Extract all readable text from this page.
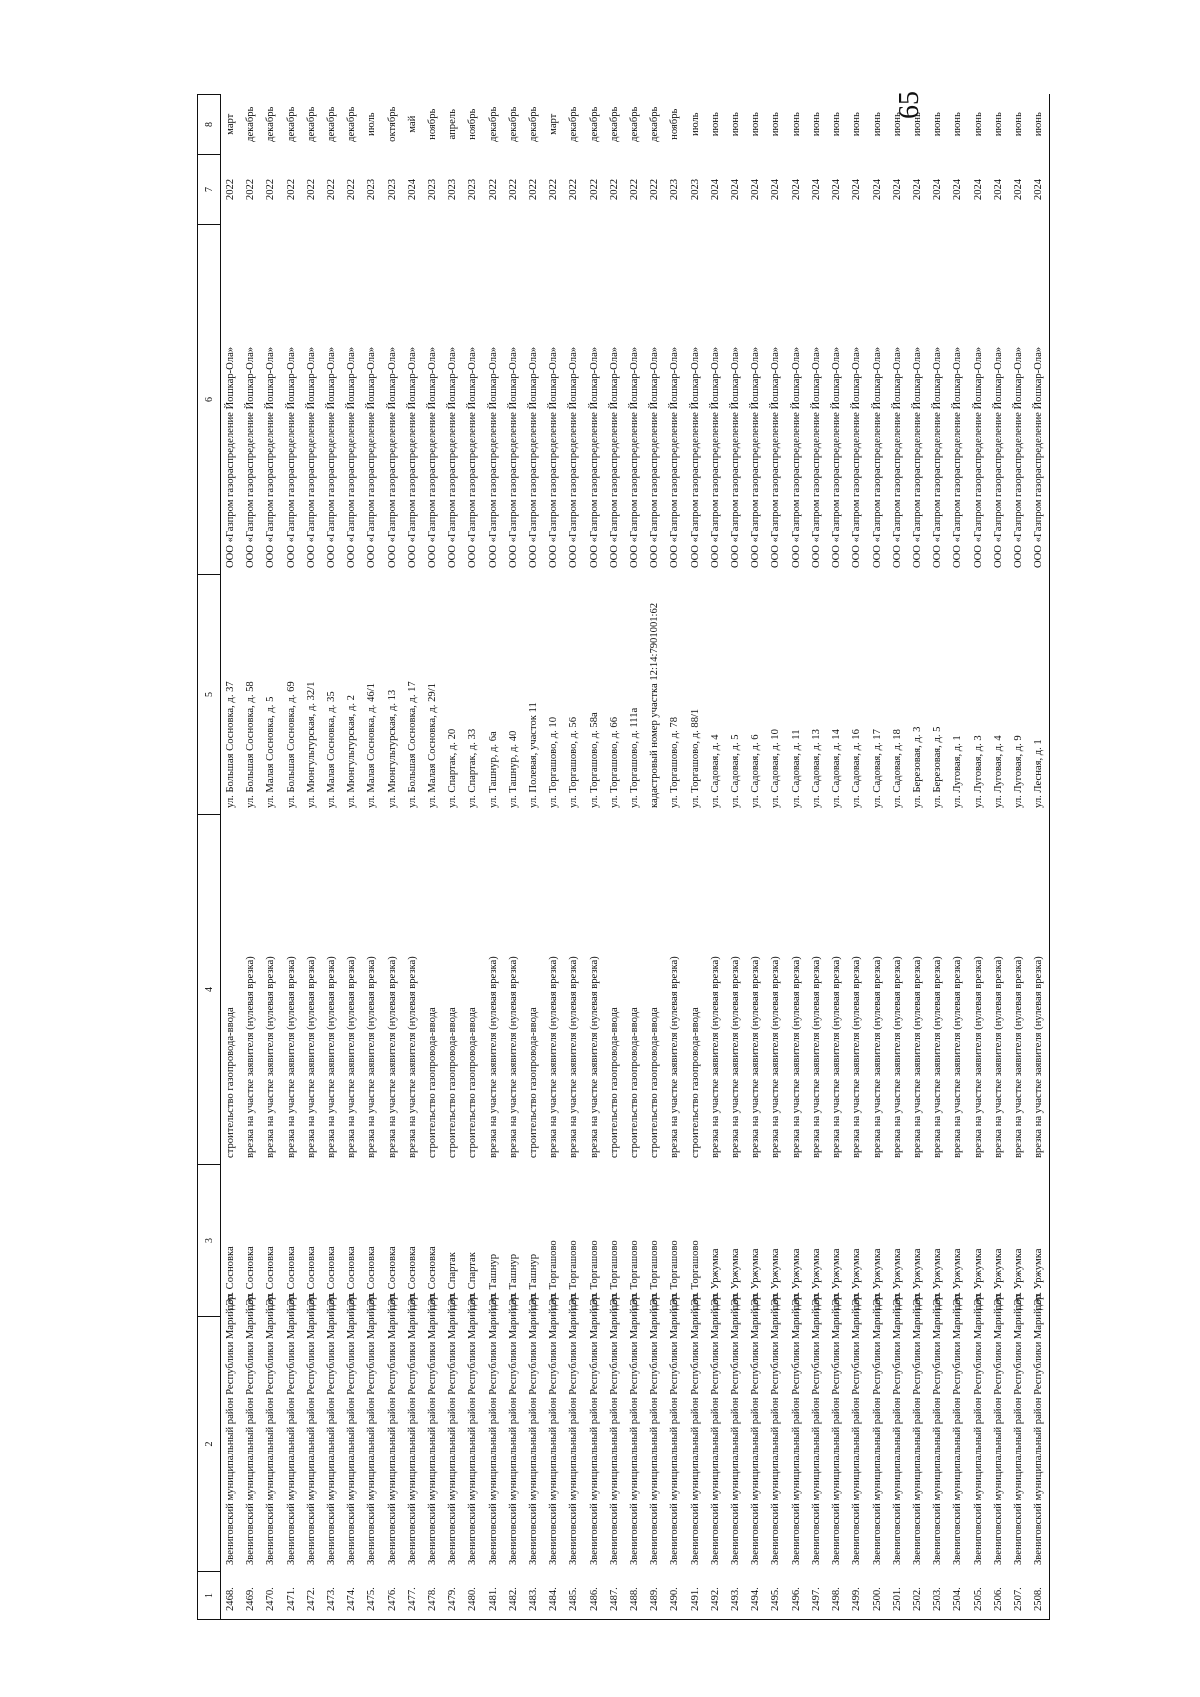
65
1	2	3	4	5	6	7	8
2468.	Звениговский муниципальный район Республики Марий Эл	дер. Сосновка	строительство газопровода-ввода	ул. Большая Сосновка, д. 37	ООО «Газпром газораспределение Йошкар-Ола»	2022	март
2469.	Звениговский муниципальный район Республики Марий Эл	дер. Сосновка	врезка на участке заявителя (нулевая врезка)	ул. Большая Сосновка, д. 58	ООО «Газпром газораспределение Йошкар-Ола»	2022	декабрь
2470.	Звениговский муниципальный район Республики Марий Эл	дер. Сосновка	врезка на участке заявителя (нулевая врезка)	ул. Малая Сосновка, д. 5	ООО «Газпром газораспределение Йошкар-Ола»	2022	декабрь
2471.	Звениговский муниципальный район Республики Марий Эл	дер. Сосновка	врезка на участке заявителя (нулевая врезка)	ул. Большая Сосновка, д. 69	ООО «Газпром газораспределение Йошкар-Ола»	2022	декабрь
2472.	Звениговский муниципальный район Республики Марий Эл	дер. Сосновка	врезка на участке заявителя (нулевая врезка)	ул. Мюнгультурская, д. 32/1	ООО «Газпром газораспределение Йошкар-Ола»	2022	декабрь
2473.	Звениговский муниципальный район Республики Марий Эл	дер. Сосновка	врезка на участке заявителя (нулевая врезка)	ул. Малая Сосновка, д. 35	ООО «Газпром газораспределение Йошкар-Ола»	2022	декабрь
2474.	Звениговский муниципальный район Республики Марий Эл	дер. Сосновка	врезка на участке заявителя (нулевая врезка)	ул. Мюнгультурская, д. 2	ООО «Газпром газораспределение Йошкар-Ола»	2022	декабрь
2475.	Звениговский муниципальный район Республики Марий Эл	дер. Сосновка	врезка на участке заявителя (нулевая врезка)	ул. Малая Сосновка, д. 46/1	ООО «Газпром газораспределение Йошкар-Ола»	2023	июль
2476.	Звениговский муниципальный район Республики Марий Эл	дер. Сосновка	врезка на участке заявителя (нулевая врезка)	ул. Мюнгультурская, д. 13	ООО «Газпром газораспределение Йошкар-Ола»	2023	октябрь
2477.	Звениговский муниципальный район Республики Марий Эл	дер. Сосновка	врезка на участке заявителя (нулевая врезка)	ул. Большая Сосновка, д. 17	ООО «Газпром газораспределение Йошкар-Ола»	2024	май
2478.	Звениговский муниципальный район Республики Марий Эл	дер. Сосновка	строительство газопровода-ввода	ул. Малая Сосновка, д. 29/1	ООО «Газпром газораспределение Йошкар-Ола»	2023	ноябрь
2479.	Звениговский муниципальный район Республики Марий Эл	дер. Спартак	строительство газопровода-ввода	ул. Спартак, д. 20	ООО «Газпром газораспределение Йошкар-Ола»	2023	апрель
2480.	Звениговский муниципальный район Республики Марий Эл	дер. Спартак	строительство газопровода-ввода	ул. Спартак, д. 33	ООО «Газпром газораспределение Йошкар-Ола»	2023	ноябрь
2481.	Звениговский муниципальный район Республики Марий Эл	дер. Ташнур	врезка на участке заявителя (нулевая врезка)	ул. Ташнур, д. 6а	ООО «Газпром газораспределение Йошкар-Ола»	2022	декабрь
2482.	Звениговский муниципальный район Республики Марий Эл	дер. Ташнур	врезка на участке заявителя (нулевая врезка)	ул. Ташнур, д. 40	ООО «Газпром газораспределение Йошкар-Ола»	2022	декабрь
2483.	Звениговский муниципальный район Республики Марий Эл	дер. Ташнур	строительство газопровода-ввода	ул. Полевая, участок 11	ООО «Газпром газораспределение Йошкар-Ола»	2022	декабрь
2484.	Звениговский муниципальный район Республики Марий Эл	дер. Торгашово	врезка на участке заявителя (нулевая врезка)	ул. Торгашово, д. 10	ООО «Газпром газораспределение Йошкар-Ола»	2022	март
2485.	Звениговский муниципальный район Республики Марий Эл	дер. Торгашово	врезка на участке заявителя (нулевая врезка)	ул. Торгашово, д. 56	ООО «Газпром газораспределение Йошкар-Ола»	2022	декабрь
2486.	Звениговский муниципальный район Республики Марий Эл	дер. Торгашово	врезка на участке заявителя (нулевая врезка)	ул. Торгашово, д. 58а	ООО «Газпром газораспределение Йошкар-Ола»	2022	декабрь
2487.	Звениговский муниципальный район Республики Марий Эл	дер. Торгашово	строительство газопровода-ввода	ул. Торгашово, д. 66	ООО «Газпром газораспределение Йошкар-Ола»	2022	декабрь
2488.	Звениговский муниципальный район Республики Марий Эл	дер. Торгашово	строительство газопровода-ввода	ул. Торгашово, д. 111а	ООО «Газпром газораспределение Йошкар-Ола»	2022	декабрь
2489.	Звениговский муниципальный район Республики Марий Эл	дер. Торгашово	строительство газопровода-ввода	кадастровый номер участка 12:14:7901001:62	ООО «Газпром газораспределение Йошкар-Ола»	2022	декабрь
2490.	Звениговский муниципальный район Республики Марий Эл	дер. Торгашово	врезка на участке заявителя (нулевая врезка)	ул. Торгашово, д. 78	ООО «Газпром газораспределение Йошкар-Ола»	2023	ноябрь
2491.	Звениговский муниципальный район Республики Марий Эл	дер. Торгашово	строительство газопровода-ввода	ул. Торгашово, д. 88/1	ООО «Газпром газораспределение Йошкар-Ола»	2023	июль
2492.	Звениговский муниципальный район Республики Марий Эл	дер. Уржумка	врезка на участке заявителя (нулевая врезка)	ул. Садовая, д. 4	ООО «Газпром газораспределение Йошкар-Ола»	2024	июнь
2493.	Звениговский муниципальный район Республики Марий Эл	дер. Уржумка	врезка на участке заявителя (нулевая врезка)	ул. Садовая, д. 5	ООО «Газпром газораспределение Йошкар-Ола»	2024	июнь
2494.	Звениговский муниципальный район Республики Марий Эл	дер. Уржумка	врезка на участке заявителя (нулевая врезка)	ул. Садовая, д. 6	ООО «Газпром газораспределение Йошкар-Ола»	2024	июнь
2495.	Звениговский муниципальный район Республики Марий Эл	дер. Уржумка	врезка на участке заявителя (нулевая врезка)	ул. Садовая, д. 10	ООО «Газпром газораспределение Йошкар-Ола»	2024	июнь
2496.	Звениговский муниципальный район Республики Марий Эл	дер. Уржумка	врезка на участке заявителя (нулевая врезка)	ул. Садовая, д. 11	ООО «Газпром газораспределение Йошкар-Ола»	2024	июнь
2497.	Звениговский муниципальный район Республики Марий Эл	дер. Уржумка	врезка на участке заявителя (нулевая врезка)	ул. Садовая, д. 13	ООО «Газпром газораспределение Йошкар-Ола»	2024	июнь
2498.	Звениговский муниципальный район Республики Марий Эл	дер. Уржумка	врезка на участке заявителя (нулевая врезка)	ул. Садовая, д. 14	ООО «Газпром газораспределение Йошкар-Ола»	2024	июнь
2499.	Звениговский муниципальный район Республики Марий Эл	дер. Уржумка	врезка на участке заявителя (нулевая врезка)	ул. Садовая, д. 16	ООО «Газпром газораспределение Йошкар-Ола»	2024	июнь
2500.	Звениговский муниципальный район Республики Марий Эл	дер. Уржумка	врезка на участке заявителя (нулевая врезка)	ул. Садовая, д. 17	ООО «Газпром газораспределение Йошкар-Ола»	2024	июнь
2501.	Звениговский муниципальный район Республики Марий Эл	дер. Уржумка	врезка на участке заявителя (нулевая врезка)	ул. Садовая, д. 18	ООО «Газпром газораспределение Йошкар-Ола»	2024	июнь
2502.	Звениговский муниципальный район Республики Марий Эл	дер. Уржумка	врезка на участке заявителя (нулевая врезка)	ул. Березовая, д. 3	ООО «Газпром газораспределение Йошкар-Ола»	2024	июнь
2503.	Звениговский муниципальный район Республики Марий Эл	дер. Уржумка	врезка на участке заявителя (нулевая врезка)	ул. Березовая, д. 5	ООО «Газпром газораспределение Йошкар-Ола»	2024	июнь
2504.	Звениговский муниципальный район Республики Марий Эл	дер. Уржумка	врезка на участке заявителя (нулевая врезка)	ул. Луговая, д. 1	ООО «Газпром газораспределение Йошкар-Ола»	2024	июнь
2505.	Звениговский муниципальный район Республики Марий Эл	дер. Уржумка	врезка на участке заявителя (нулевая врезка)	ул. Луговая, д. 3	ООО «Газпром газораспределение Йошкар-Ола»	2024	июнь
2506.	Звениговский муниципальный район Республики Марий Эл	дер. Уржумка	врезка на участке заявителя (нулевая врезка)	ул. Луговая, д. 4	ООО «Газпром газораспределение Йошкар-Ола»	2024	июнь
2507.	Звениговский муниципальный район Республики Марий Эл	дер. Уржумка	врезка на участке заявителя (нулевая врезка)	ул. Луговая, д. 9	ООО «Газпром газораспределение Йошкар-Ола»	2024	июнь
2508.	Звениговский муниципальный район Республики Марий Эл	дер. Уржумка	врезка на участке заявителя (нулевая врезка)	ул. Лесная, д. 1	ООО «Газпром газораспределение Йошкар-Ола»	2024	июнь
